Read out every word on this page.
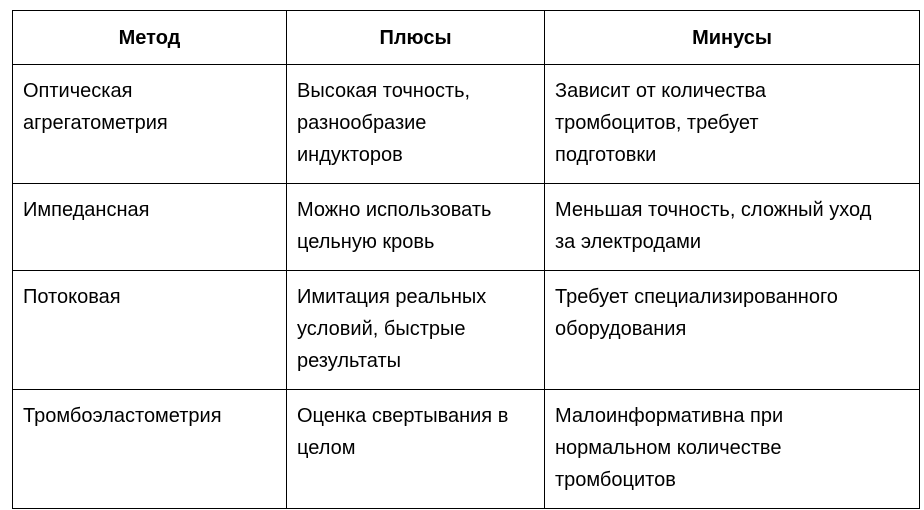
Метод	Плюсы	Минусы

Оптическая агрегатометрия	Высокая точность, разнообразие индукторов	Зависит от количества тромбоцитов, требует подготовки

Импедансная	Можно использовать цельную кровь	Меньшая точность, сложный уход за электродами

Потоковая	Имитация реальных условий, быстрые результаты	Требует специализированного оборудования

Тромбоэластометрия	Оценка свертывания в целом	Малоинформативна при нормальном количестве тромбоцитов
